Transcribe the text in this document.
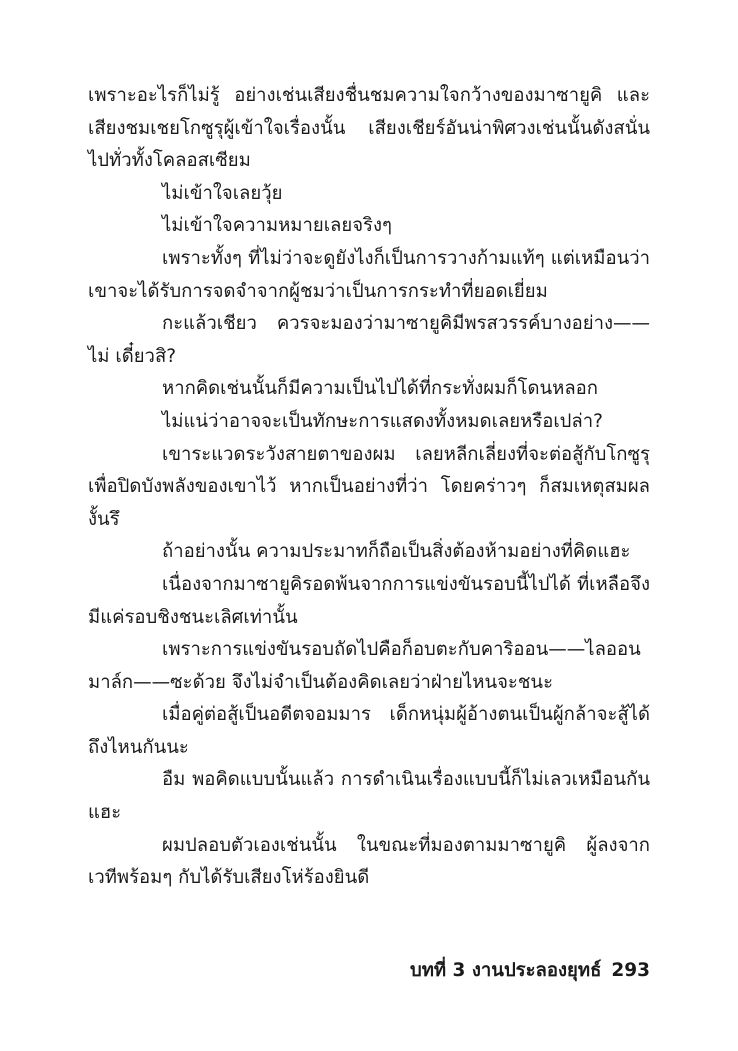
เพราะอะไรก็ไม่รู้ อย่างเช่นเสียงชื่นชมความใจกว้างของมาซายูคิ และเสียงชมเชยโกซูรุผู้เข้าใจเรื่องนั้น เสียงเชียร์อันน่าพิศวงเช่นนั้นดังสนั่นไปทั่วทั้งโคลอสเซียม

ไม่เข้าใจเลยวุ้ย

ไม่เข้าใจความหมายเลยจริงๆ

เพราะทั้งๆ ที่ไม่ว่าจะดูยังไงก็เป็นการวางก้ามแท้ๆ แต่เหมือนว่าเขาจะได้รับการจดจำจากผู้ชมว่าเป็นการกระทำที่ยอดเยี่ยม

กะแล้วเชียว ควรจะมองว่ามาซายูคิมีพรสวรรค์บางอย่าง——ไม่ เดี๋ยวสิ?

หากคิดเช่นนั้นก็มีความเป็นไปได้ที่กระทั่งผมก็โดนหลอก

ไม่แน่ว่าอาจจะเป็นทักษะการแสดงทั้งหมดเลยหรือเปล่า?

เขาระแวดระวังสายตาของผม เลยหลีกเลี่ยงที่จะต่อสู้กับโกซูรุเพื่อปิดบังพลังของเขาไว้ หากเป็นอย่างที่ว่า โดยคร่าวๆ ก็สมเหตุสมผลงั้นรึ

ถ้าอย่างนั้น ความประมาทก็ถือเป็นสิ่งต้องห้ามอย่างที่คิดแฮะ

เนื่องจากมาซายูคิรอดพ้นจากการแข่งขันรอบนี้ไปได้ ที่เหลือจึงมีแค่รอบชิงชนะเลิศเท่านั้น

เพราะการแข่งขันรอบถัดไปคือก็อบตะกับคาริออน——ไลออนมาล์ก——ซะด้วย จึงไม่จำเป็นต้องคิดเลยว่าฝ่ายไหนจะชนะ

เมื่อคู่ต่อสู้เป็นอดีตจอมมาร เด็กหนุ่มผู้อ้างตนเป็นผู้กล้าจะสู้ได้ถึงไหนกันนะ

อืม พอคิดแบบนั้นแล้ว การดำเนินเรื่องแบบนี้ก็ไม่เลวเหมือนกันแฮะ

ผมปลอบตัวเองเช่นนั้น ในขณะที่มองตามมาซายูคิ ผู้ลงจากเวทีพร้อมๆ กับได้รับเสียงโห่ร้องยินดี

บทที่ 3 งานประลองยุทธ์ 293
